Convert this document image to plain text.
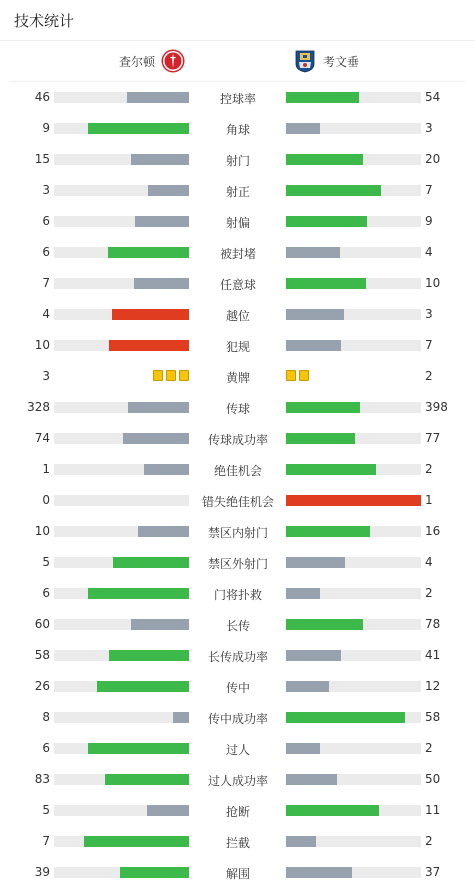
技术统计
查尔顿	考文垂
46	控球率	54
9	角球	3
15	射门	20
3	射正	7
6	射偏	9
6	被封堵	4
7	任意球	10
4	越位	3
10	犯规	7
3	黄牌	2
328	传球	398
74	传球成功率	77
1	绝佳机会	2
0	错失绝佳机会	1
10	禁区内射门	16
5	禁区外射门	4
6	门将扑救	2
60	长传	78
58	长传成功率	41
26	传中	12
8	传中成功率	58
6	过人	2
83	过人成功率	50
5	抢断	11
7	拦截	2
39	解围	37
